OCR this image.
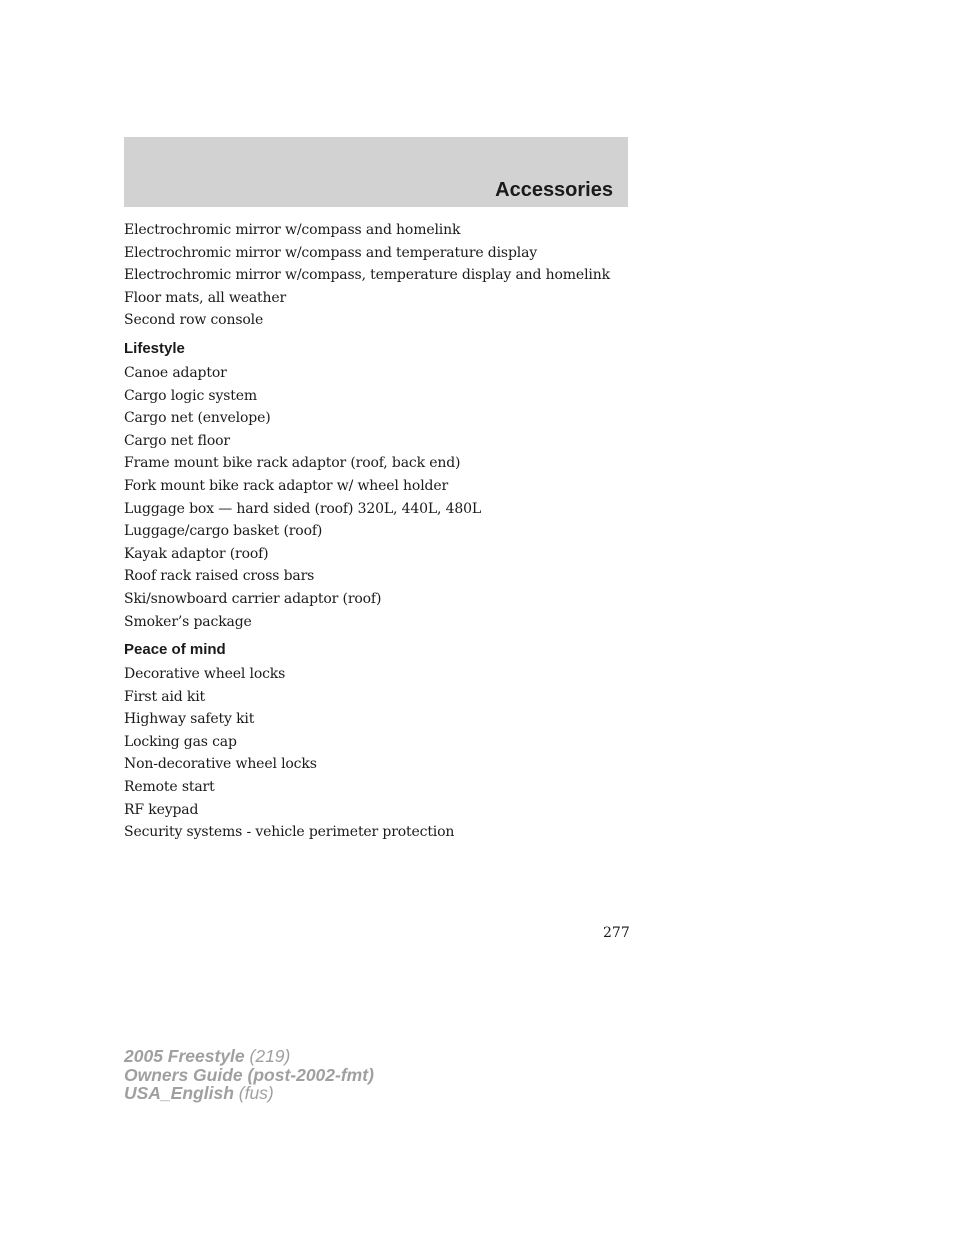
Accessories
Electrochromic mirror w/compass and homelink
Electrochromic mirror w/compass and temperature display
Electrochromic mirror w/compass, temperature display and homelink
Floor mats, all weather
Second row console
Lifestyle
Canoe adaptor
Cargo logic system
Cargo net (envelope)
Cargo net floor
Frame mount bike rack adaptor (roof, back end)
Fork mount bike rack adaptor w/ wheel holder
Luggage box — hard sided (roof) 320L, 440L, 480L
Luggage/cargo basket (roof)
Kayak adaptor (roof)
Roof rack raised cross bars
Ski/snowboard carrier adaptor (roof)
Smoker’s package
Peace of mind
Decorative wheel locks
First aid kit
Highway safety kit
Locking gas cap
Non-decorative wheel locks
Remote start
RF keypad
Security systems - vehicle perimeter protection
277
2005 Freestyle (219)
Owners Guide (post-2002-fmt)
USA_English (fus)
